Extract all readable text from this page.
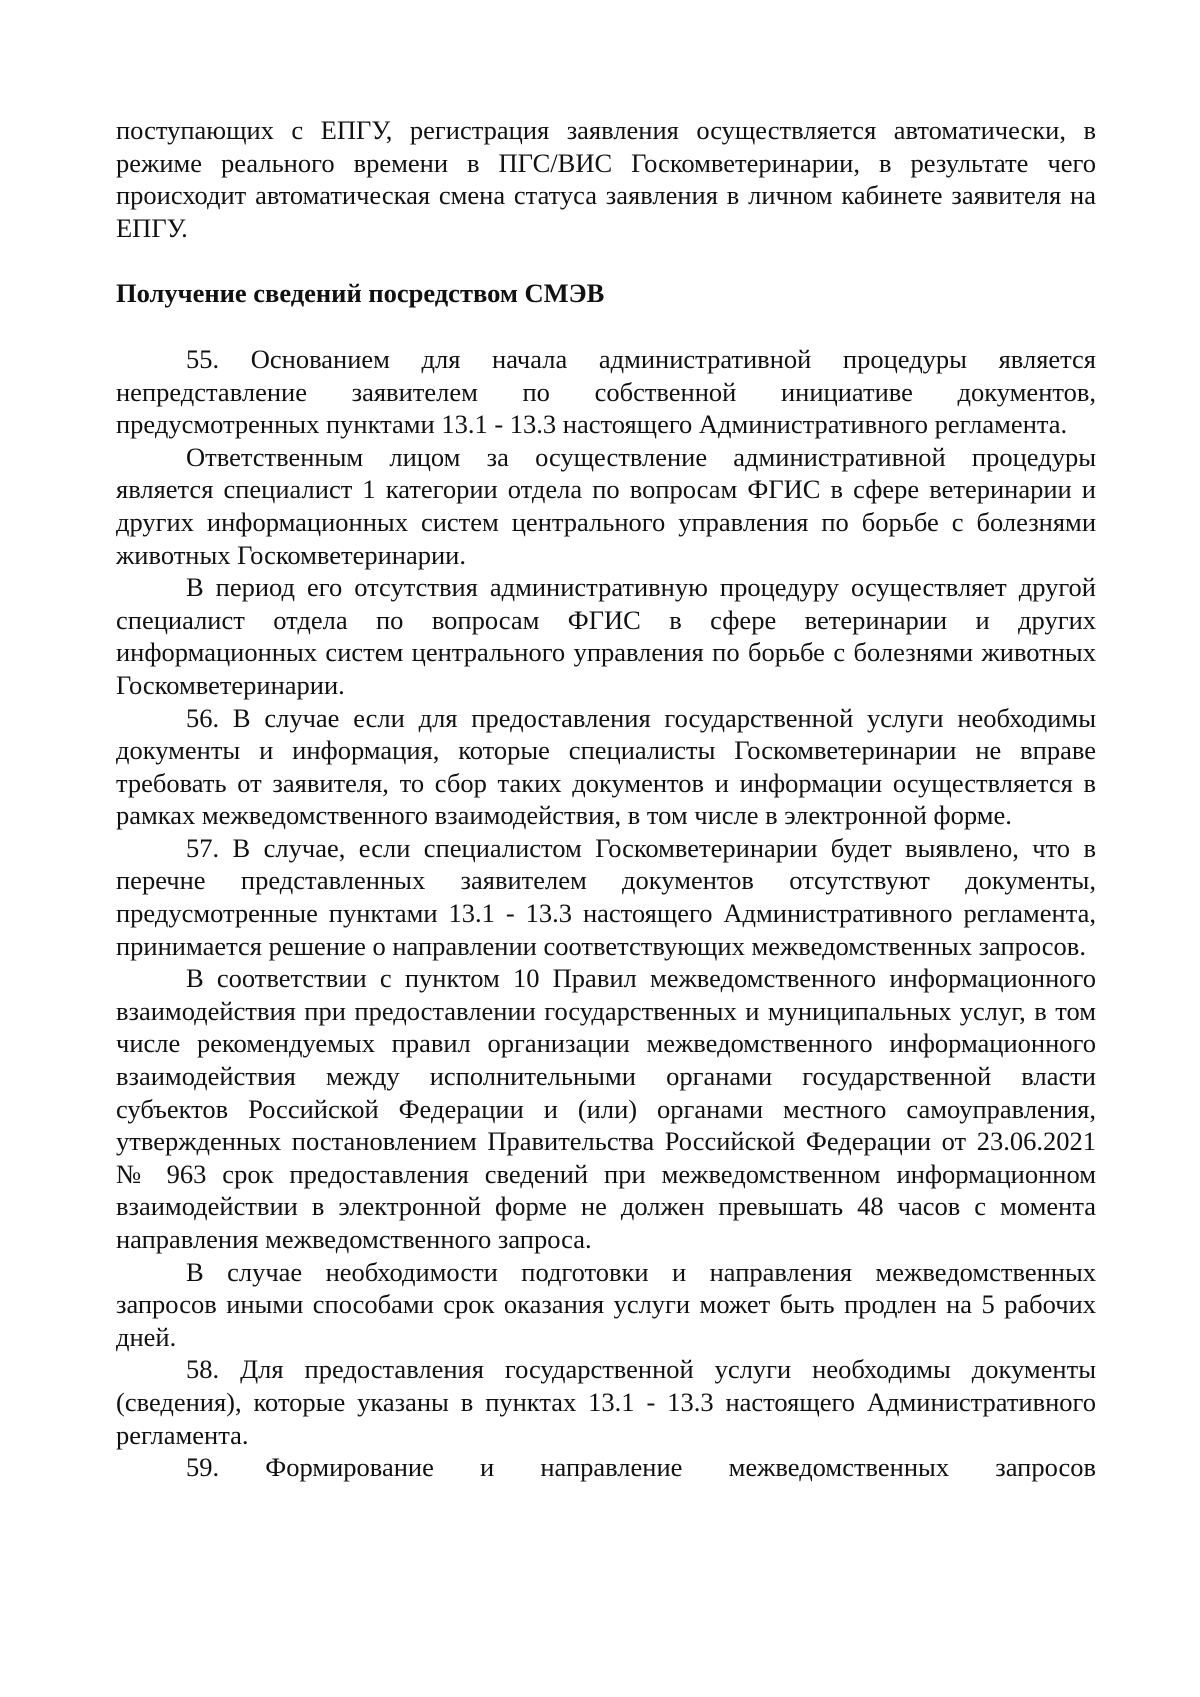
поступающих с ЕПГУ, регистрация заявления осуществляется автоматически, в режиме реального времени в ПГС/ВИС Госкомветеринарии, в результате чего происходит автоматическая смена статуса заявления в личном кабинете заявителя на ЕПГУ.

Получение сведений посредством СМЭВ

55. Основанием для начала административной процедуры является непредставление заявителем по собственной инициативе документов, предусмотренных пунктами 13.1 - 13.3 настоящего Административного регламента.

Ответственным лицом за осуществление административной процедуры является специалист 1 категории отдела по вопросам ФГИС в сфере ветеринарии и других информационных систем центрального управления по борьбе с болезнями животных Госкомветеринарии.

В период его отсутствия административную процедуру осуществляет другой специалист отдела по вопросам ФГИС в сфере ветеринарии и других информационных систем центрального управления по борьбе с болезнями животных Госкомветеринарии.

56. В случае если для предоставления государственной услуги необходимы документы и информация, которые специалисты Госкомветеринарии не вправе требовать от заявителя, то сбор таких документов и информации осуществляется в рамках межведомственного взаимодействия, в том числе в электронной форме.

57. В случае, если специалистом Госкомветеринарии будет выявлено, что в перечне представленных заявителем документов отсутствуют документы, предусмотренные пунктами 13.1 - 13.3 настоящего Административного регламента, принимается решение о направлении соответствующих межведомственных запросов.

В соответствии с пунктом 10 Правил межведомственного информационного взаимодействия при предоставлении государственных и муниципальных услуг, в том числе рекомендуемых правил организации межведомственного информационного взаимодействия между исполнительными органами государственной власти субъектов Российской Федерации и (или) органами местного самоуправления, утвержденных постановлением Правительства Российской Федерации от 23.06.2021 № 963 срок предоставления сведений при межведомственном информационном взаимодействии в электронной форме не должен превышать 48 часов с момента направления межведомственного запроса.

В случае необходимости подготовки и направления межведомственных запросов иными способами срок оказания услуги может быть продлен на 5 рабочих дней.

58. Для предоставления государственной услуги необходимы документы (сведения), которые указаны в пунктах 13.1 - 13.3 настоящего Административного регламента.

59. Формирование и направление межведомственных запросов
